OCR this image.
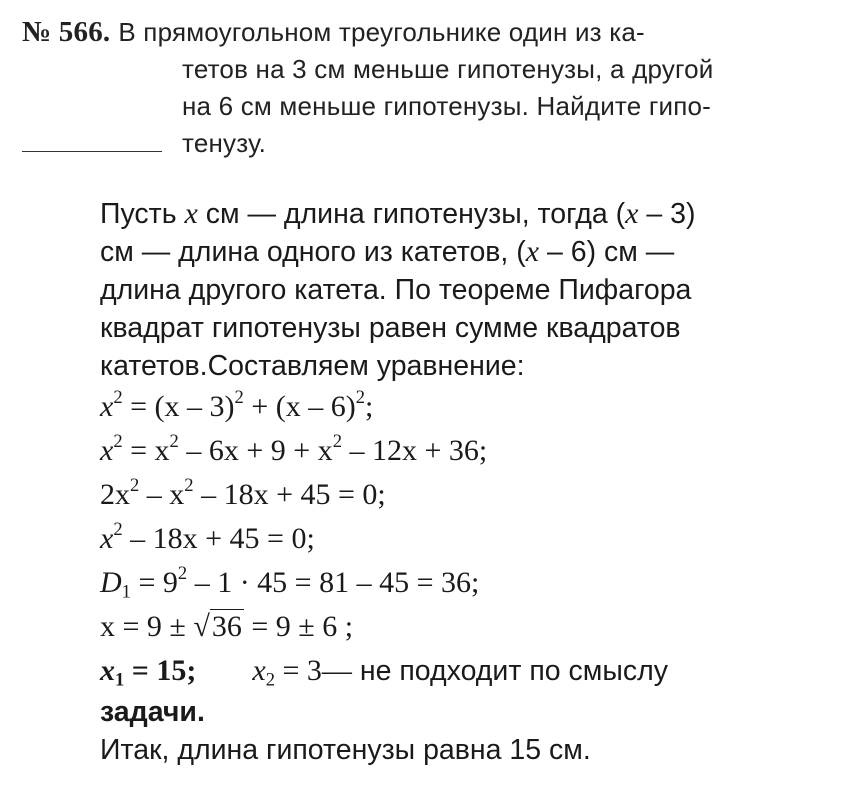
№ 566. В прямоугольном треугольнике один из ка-
тетов на 3 см меньше гипотенузы, а другой
на 6 см меньше гипотенузы. Найдите гипо-
тенузу.
Пусть x см — длина гипотенузы, тогда (x – 3)
см — длина одного из катетов, (x – 6) см —
длина другого катета. По теореме Пифагора
квадрат гипотенузы равен сумме квадратов
катетов.Составляем уравнение:
$x^2 = (x - 3)^2 + (x - 6)^2$;
$x^2 = x^2 - 6x + 9 + x^2 - 12x + 36$;
$2x^2 - x^2 - 18x + 45 = 0$;
$x^2 - 18x + 45 = 0$;
$D_1 = 9^2 - 1 \cdot 45 = 81 - 45 = 36$;
x = 9 ± √36 = 9 ± 6 ;
$x_1 = 15$; $x_2$ = 3— не подходит по смыслу
задачи.
Итак, длина гипотенузы равна 15 см.
